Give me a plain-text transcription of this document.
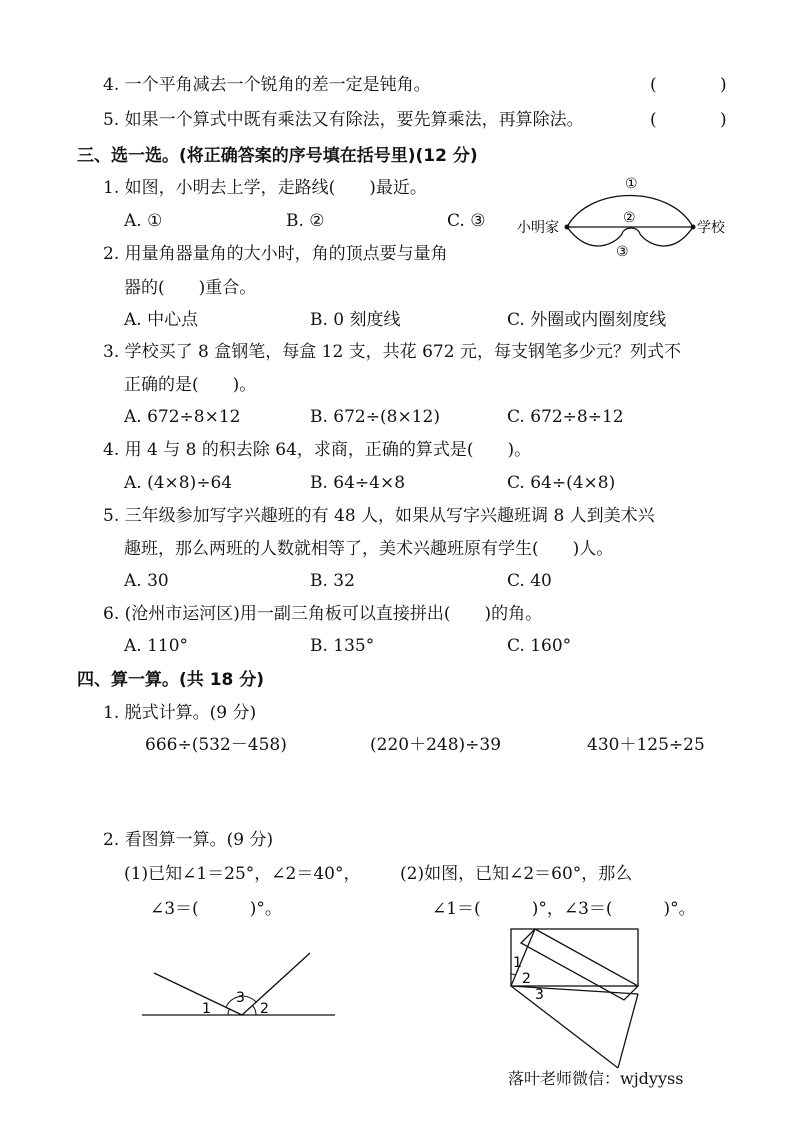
4. 一个平角减去一个锐角的差一定是钝角。	(	)
5. 如果一个算式中既有乘法又有除法，要先算乘法，再算除法。	(	)
三、选一选。(将正确答案的序号填在括号里)(12 分)
1. 如图，小明去上学，走路线(　　)最近。
A. ①	B. ②	C. ③ 小明家	学校
①
②
③
2. 用量角器量角的大小时，角的顶点要与量角
器的(　　)重合。
A. 中心点	B. 0 刻度线	C. 外圈或内圈刻度线
3. 学校买了 8 盒钢笔，每盒 12 支，共花 672 元，每支钢笔多少元？列式不
正确的是(　　)。
A. 672÷8×12	B. 672÷(8×12)	C. 672÷8÷12
4. 用 4 与 8 的积去除 64，求商，正确的算式是(　　)。
A. (4×8)÷64	B. 64÷4×8	C. 64÷(4×8)
5. 三年级参加写字兴趣班的有 48 人，如果从写字兴趣班调 8 人到美术兴
趣班，那么两班的人数就相等了，美术兴趣班原有学生(　　)人。
A. 30	B. 32	C. 40
6. (沧州市运河区)用一副三角板可以直接拼出(　　)的角。
A. 110°	B. 135°	C. 160°
四、算一算。(共 18 分)
1. 脱式计算。(9 分)
666÷(532－458)	(220＋248)÷39	430＋125÷25
2. 看图算一算。(9 分)
(1)已知∠1＝25°，∠2＝40°，
∠3＝(　　　)°。
(2)如图，已知∠2＝60°，那么
∠1＝(　　　)°，∠3＝(　　　)°。
1
3
2
1
2
3
落叶老师微信：wjdyyss
